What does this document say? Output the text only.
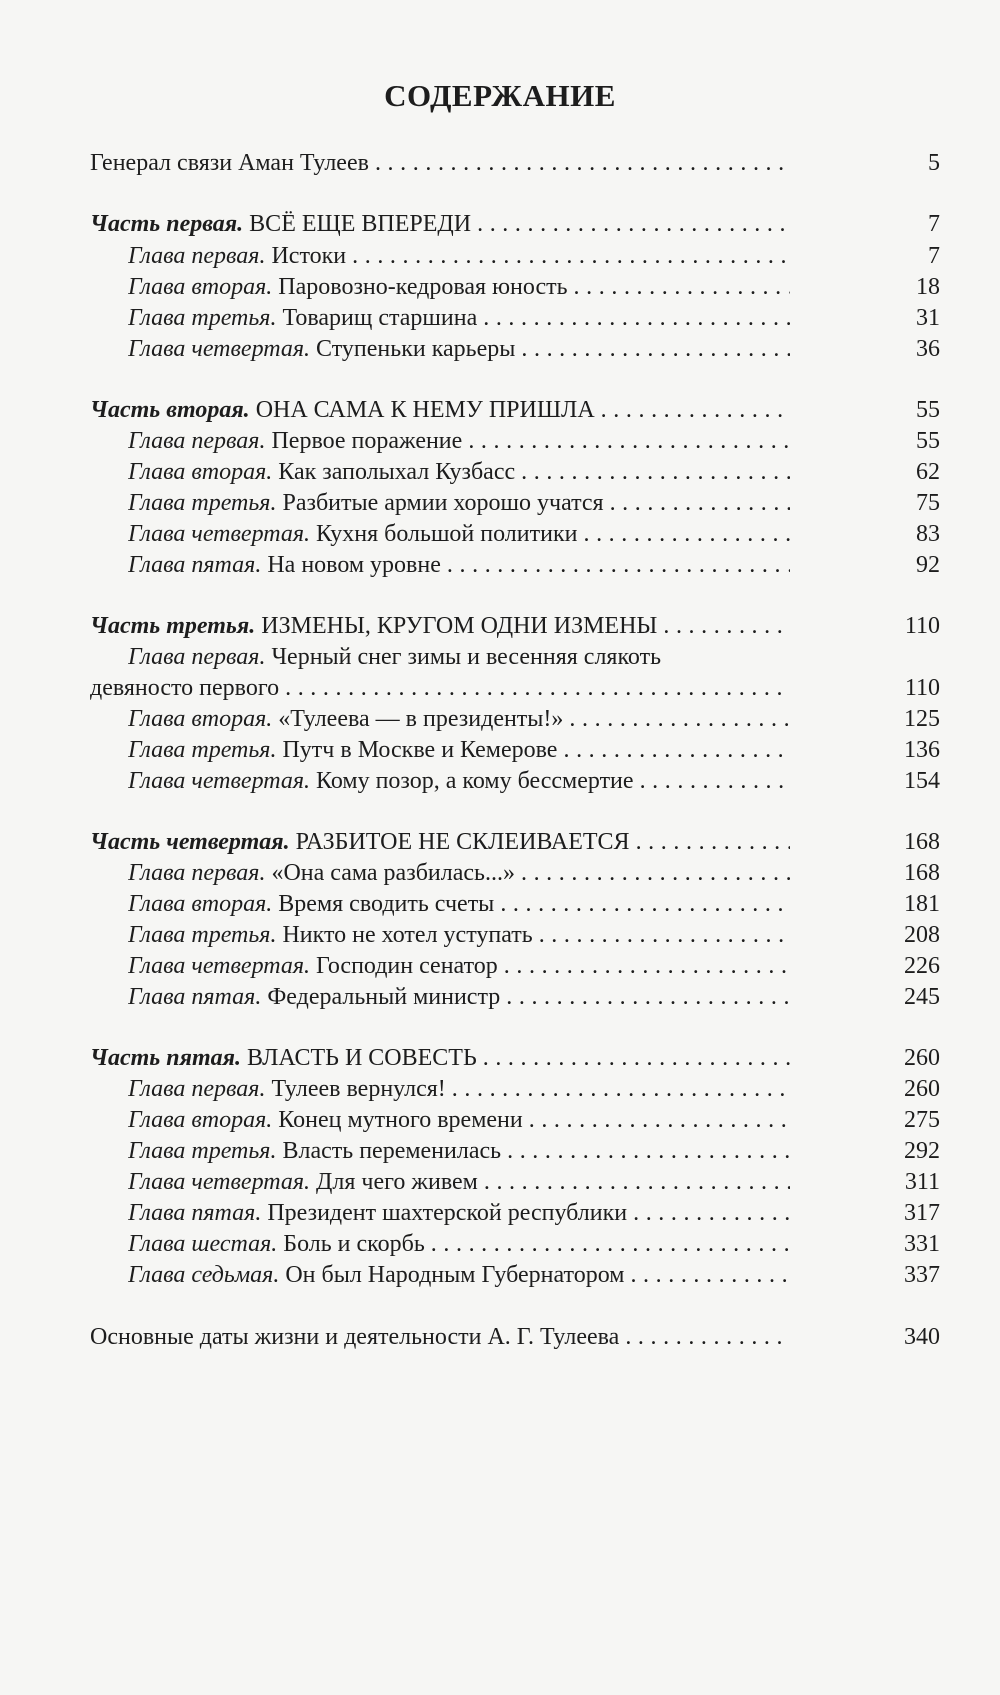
СОДЕРЖАНИЕ
Генерал связи Аман Тулеев . . .	5
Часть первая. ВСЁ ЕЩЕ ВПЕРЕДИ . . .	7
Глава первая. Истоки . . .	7
Глава вторая. Паровозно-кедровая юность . . .	18
Глава третья. Товарищ старшина . . .	31
Глава четвертая. Ступеньки карьеры . . .	36
Часть вторая. ОНА САМА К НЕМУ ПРИШЛА . . .	55
Глава первая. Первое поражение . . .	55
Глава вторая. Как заполыхал Кузбасс . . .	62
Глава третья. Разбитые армии хорошо учатся . . .	75
Глава четвертая. Кухня большой политики . . .	83
Глава пятая. На новом уровне . . .	92
Часть третья. ИЗМЕНЫ, КРУГОМ ОДНИ ИЗМЕНЫ . . .	110
Глава первая. Черный снег зимы и весенняя слякоть
девяносто первого . . .	110
Глава вторая. «Тулеева — в президенты!» . . .	125
Глава третья. Путч в Москве и Кемерове . . .	136
Глава четвертая. Кому позор, а кому бессмертие . . .	154
Часть четвертая. РАЗБИТОЕ НЕ СКЛЕИВАЕТСЯ . . .	168
Глава первая. «Она сама разбилась...» . . .	168
Глава вторая. Время сводить счеты . . .	181
Глава третья. Никто не хотел уступать . . .	208
Глава четвертая. Господин сенатор . . .	226
Глава пятая. Федеральный министр . . .	245
Часть пятая. ВЛАСТЬ И СОВЕСТЬ . . .	260
Глава первая. Тулеев вернулся! . . .	260
Глава вторая. Конец мутного времени . . .	275
Глава третья. Власть переменилась . . .	292
Глава четвертая. Для чего живем . . .	311
Глава пятая. Президент шахтерской республики . . .	317
Глава шестая. Боль и скорбь . . .	331
Глава седьмая. Он был Народным Губернатором . . .	337
Основные даты жизни и деятельности А. Г. Тулеева . . .	340
